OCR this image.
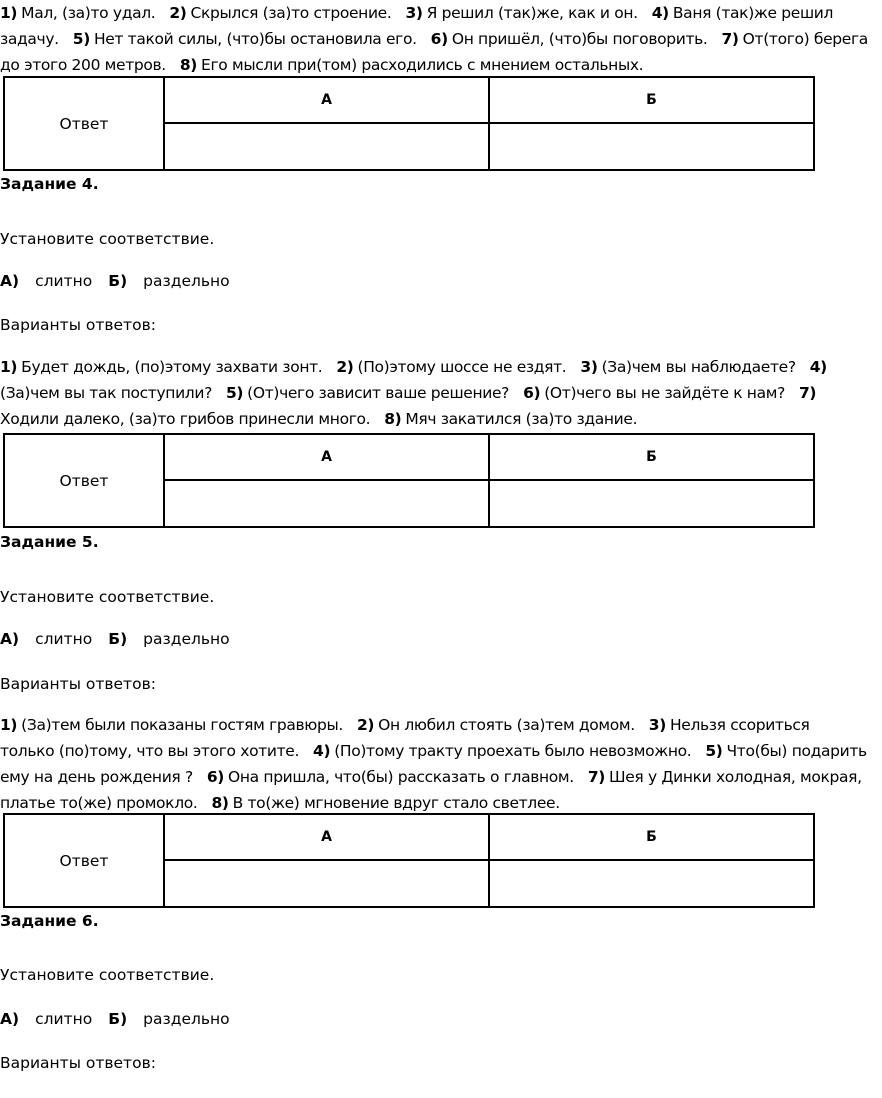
1) Мал, (за)то удал. 2) Скрылся (за)то строение. 3) Я решил (так)же, как и он. 4) Ваня (так)же решил
задачу. 5) Нет такой силы, (что)бы остановила его. 6) Он пришёл, (что)бы поговорить. 7) От(того) берега
до этого 200 метров. 8) Его мысли при(том) расходились с мнением остальных.
Ответ	А	Б

Задание 4.

Установите соответствие.

А) слитно Б) раздельно

Варианты ответов:

1) Будет дождь, (по)этому захвати зонт. 2) (По)этому шоссе не ездят. 3) (За)чем вы наблюдаете? 4)
(За)чем вы так поступили? 5) (От)чего зависит ваше решение? 6) (От)чего вы не зайдёте к нам? 7)
Ходили далеко, (за)то грибов принесли много. 8) Мяч закатился (за)то здание.
Ответ	А	Б

Задание 5.

Установите соответствие.

А) слитно Б) раздельно

Варианты ответов:

1) (За)тем были показаны гостям гравюры. 2) Он любил стоять (за)тем домом. 3) Нельзя ссориться
только (по)тому, что вы этого хотите. 4) (По)тому тракту проехать было невозможно. 5) Что(бы) подарить
ему на день рождения ? 6) Она пришла, что(бы) рассказать о главном. 7) Шея у Динки холодная, мокрая,
платье то(же) промокло. 8) В то(же) мгновение вдруг стало светлее.
Ответ	А	Б

Задание 6.

Установите соответствие.

А) слитно Б) раздельно

Варианты ответов:
